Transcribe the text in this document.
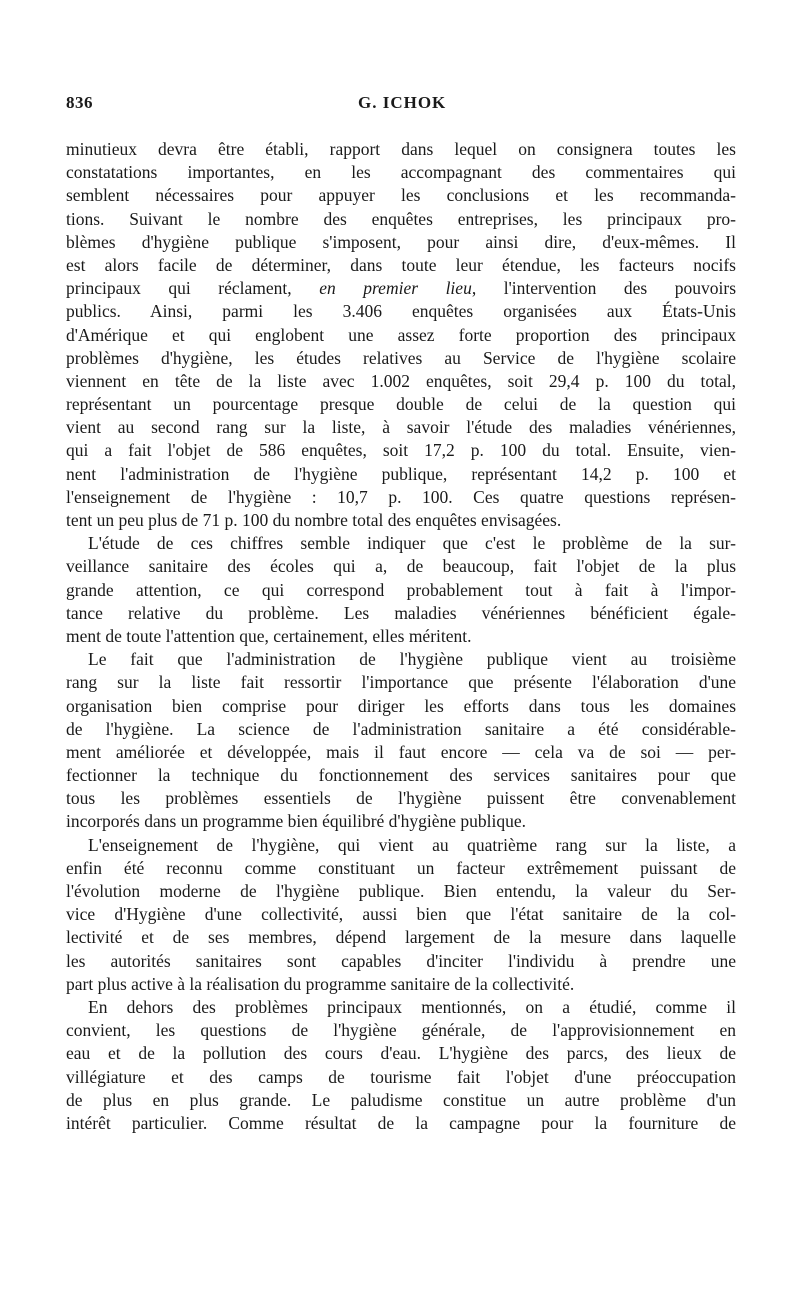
836	G. ICHOK
minutieux devra être établi, rapport dans lequel on consignera toutes les
constatations importantes, en les accompagnant des commentaires qui
semblent nécessaires pour appuyer les conclusions et les recommanda-
tions. Suivant le nombre des enquêtes entreprises, les principaux pro-
blèmes d'hygiène publique s'imposent, pour ainsi dire, d'eux-mêmes. Il
est alors facile de déterminer, dans toute leur étendue, les facteurs nocifs
principaux qui réclament, en premier lieu, l'intervention des pouvoirs
publics. Ainsi, parmi les 3.406 enquêtes organisées aux États-Unis
d'Amérique et qui englobent une assez forte proportion des principaux
problèmes d'hygiène, les études relatives au Service de l'hygiène scolaire
viennent en tête de la liste avec 1.002 enquêtes, soit 29,4 p. 100 du total,
représentant un pourcentage presque double de celui de la question qui
vient au second rang sur la liste, à savoir l'étude des maladies vénériennes,
qui a fait l'objet de 586 enquêtes, soit 17,2 p. 100 du total. Ensuite, vien-
nent l'administration de l'hygiène publique, représentant 14,2 p. 100 et
l'enseignement de l'hygiène : 10,7 p. 100. Ces quatre questions représen-
tent un peu plus de 71 p. 100 du nombre total des enquêtes envisagées.
L'étude de ces chiffres semble indiquer que c'est le problème de la sur-
veillance sanitaire des écoles qui a, de beaucoup, fait l'objet de la plus
grande attention, ce qui correspond probablement tout à fait à l'impor-
tance relative du problème. Les maladies vénériennes bénéficient égale-
ment de toute l'attention que, certainement, elles méritent.
Le fait que l'administration de l'hygiène publique vient au troisième
rang sur la liste fait ressortir l'importance que présente l'élaboration d'une
organisation bien comprise pour diriger les efforts dans tous les domaines
de l'hygiène. La science de l'administration sanitaire a été considérable-
ment améliorée et développée, mais il faut encore — cela va de soi — per-
fectionner la technique du fonctionnement des services sanitaires pour que
tous les problèmes essentiels de l'hygiène puissent être convenablement
incorporés dans un programme bien équilibré d'hygiène publique.
L'enseignement de l'hygiène, qui vient au quatrième rang sur la liste, a
enfin été reconnu comme constituant un facteur extrêmement puissant de
l'évolution moderne de l'hygiène publique. Bien entendu, la valeur du Ser-
vice d'Hygiène d'une collectivité, aussi bien que l'état sanitaire de la col-
lectivité et de ses membres, dépend largement de la mesure dans laquelle
les autorités sanitaires sont capables d'inciter l'individu à prendre une
part plus active à la réalisation du programme sanitaire de la collectivité.
En dehors des problèmes principaux mentionnés, on a étudié, comme il
convient, les questions de l'hygiène générale, de l'approvisionnement en
eau et de la pollution des cours d'eau. L'hygiène des parcs, des lieux de
villégiature et des camps de tourisme fait l'objet d'une préoccupation
de plus en plus grande. Le paludisme constitue un autre problème d'un
intérêt particulier. Comme résultat de la campagne pour la fourniture de
